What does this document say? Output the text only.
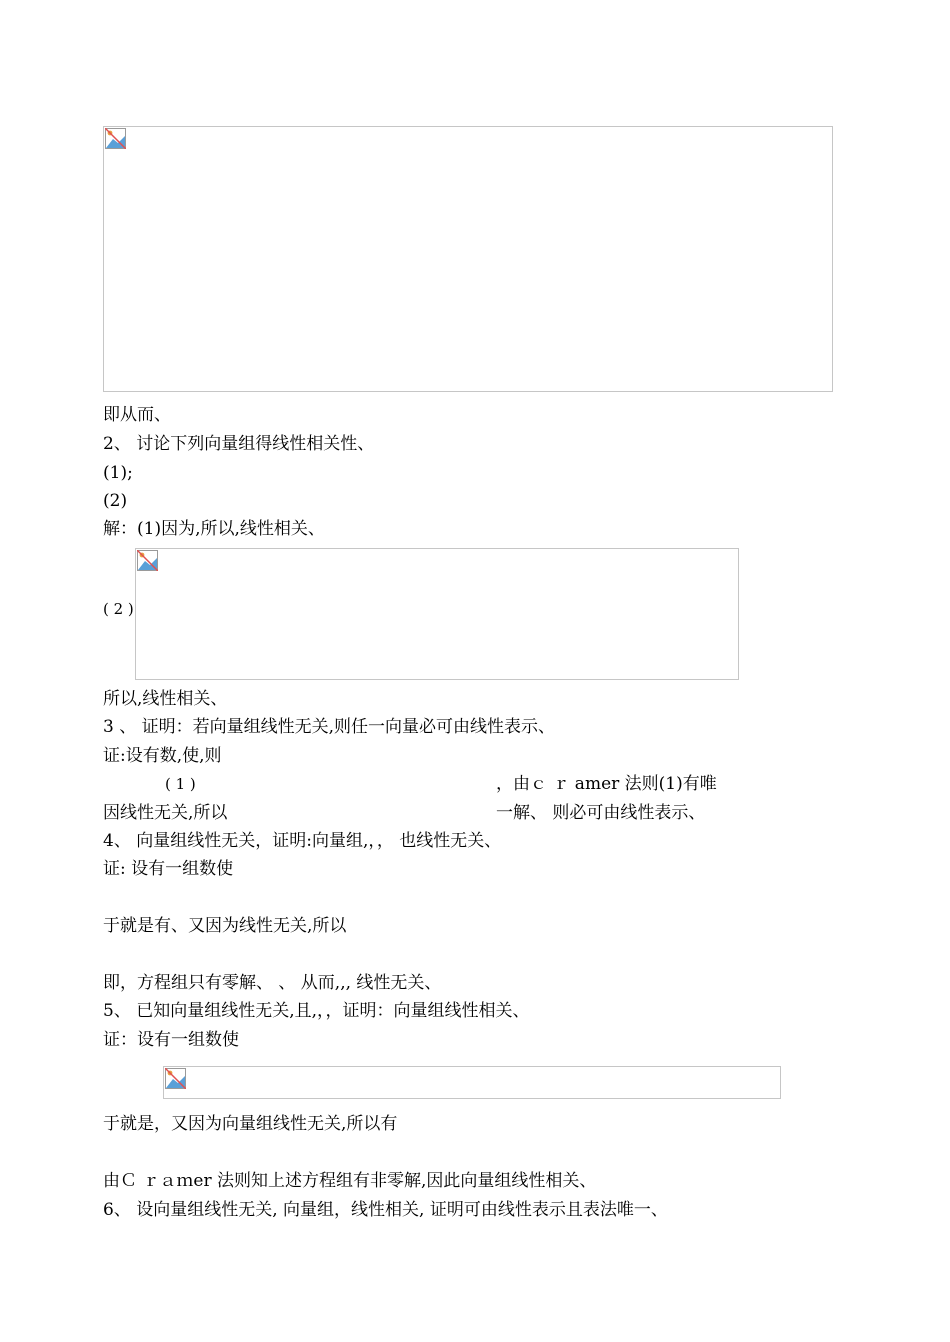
即从而、
2、 讨论下列向量组得线性相关性、
(1);
(2)
解：(1)因为,所以,线性相关、
( 2 )
所以,线性相关、
3 、 证明：若向量组线性无关,则任一向量必可由线性表示、
证:设有数,使,则
( 1 )	，由ｃ ｒ amer 法则(1)有唯
因线性无关,所以	一解、 则必可由线性表示、
4、 向量组线性无关，证明:向量组,，， 也线性无关、
证: 设有一组数使
于就是有、又因为线性无关,所以
即，方程组只有零解、 、 从而,,, 线性无关、
5、 已知向量组线性无关,且,，，证明：向量组线性相关、
证：设有一组数使
于就是，又因为向量组线性无关,所以有
由Ｃ ｒａｍer 法则知上述方程组有非零解,因此向量组线性相关、
6、 设向量组线性无关, 向量组，线性相关, 证明可由线性表示且表法唯一、
